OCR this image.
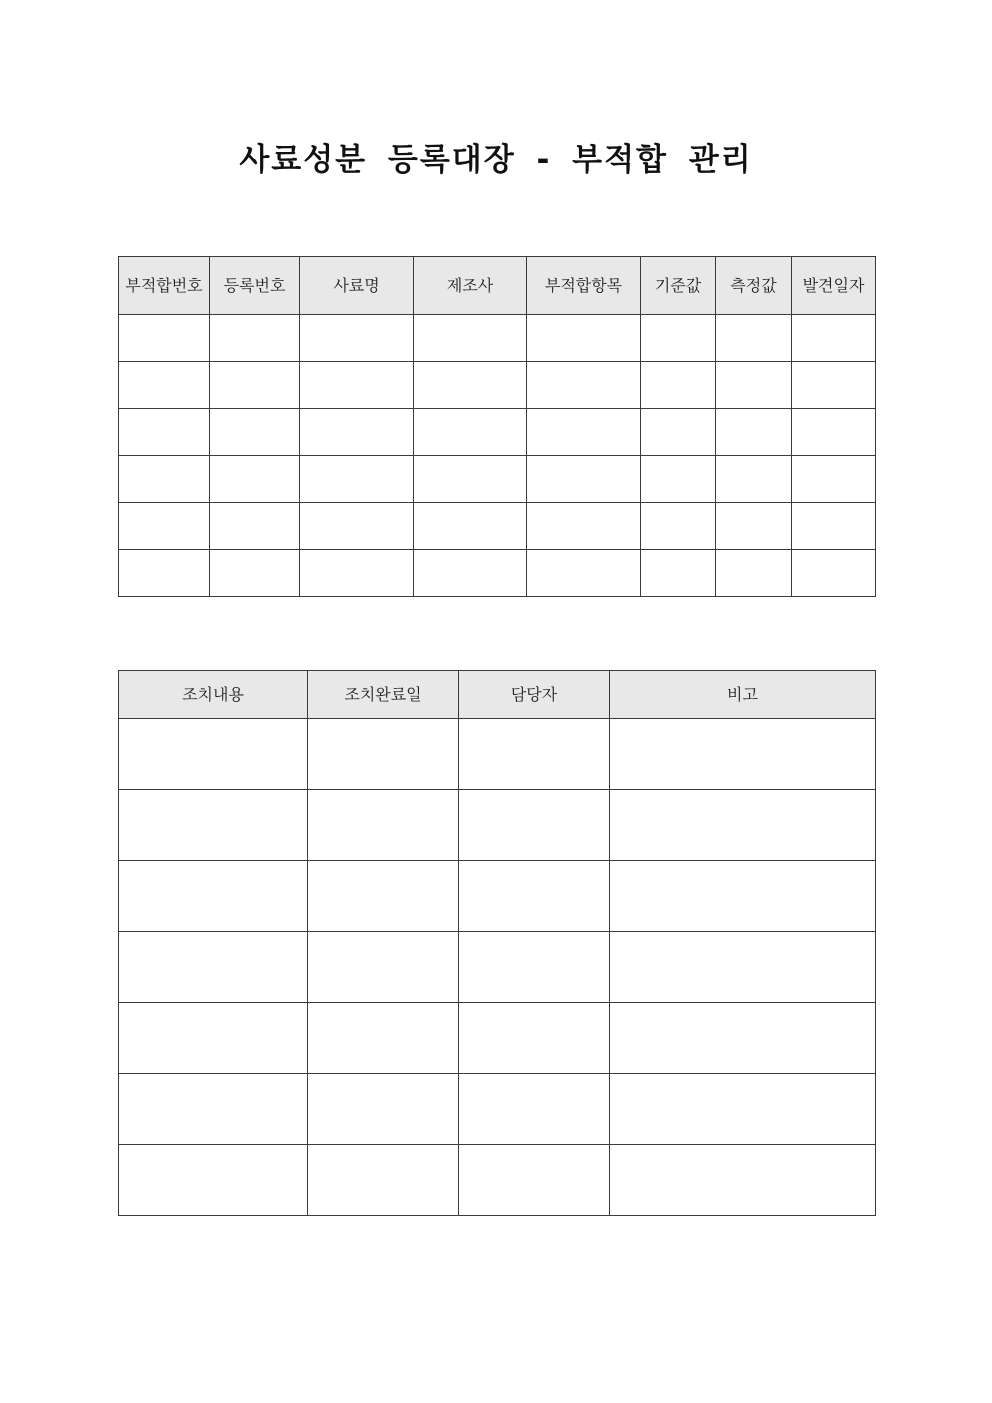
사료성분 등록대장 - 부적합 관리
부적합번호	등록번호	사료명	제조사	부적합항목	기준값	측정값	발견일자

조치내용	조치완료일	담당자	비고
